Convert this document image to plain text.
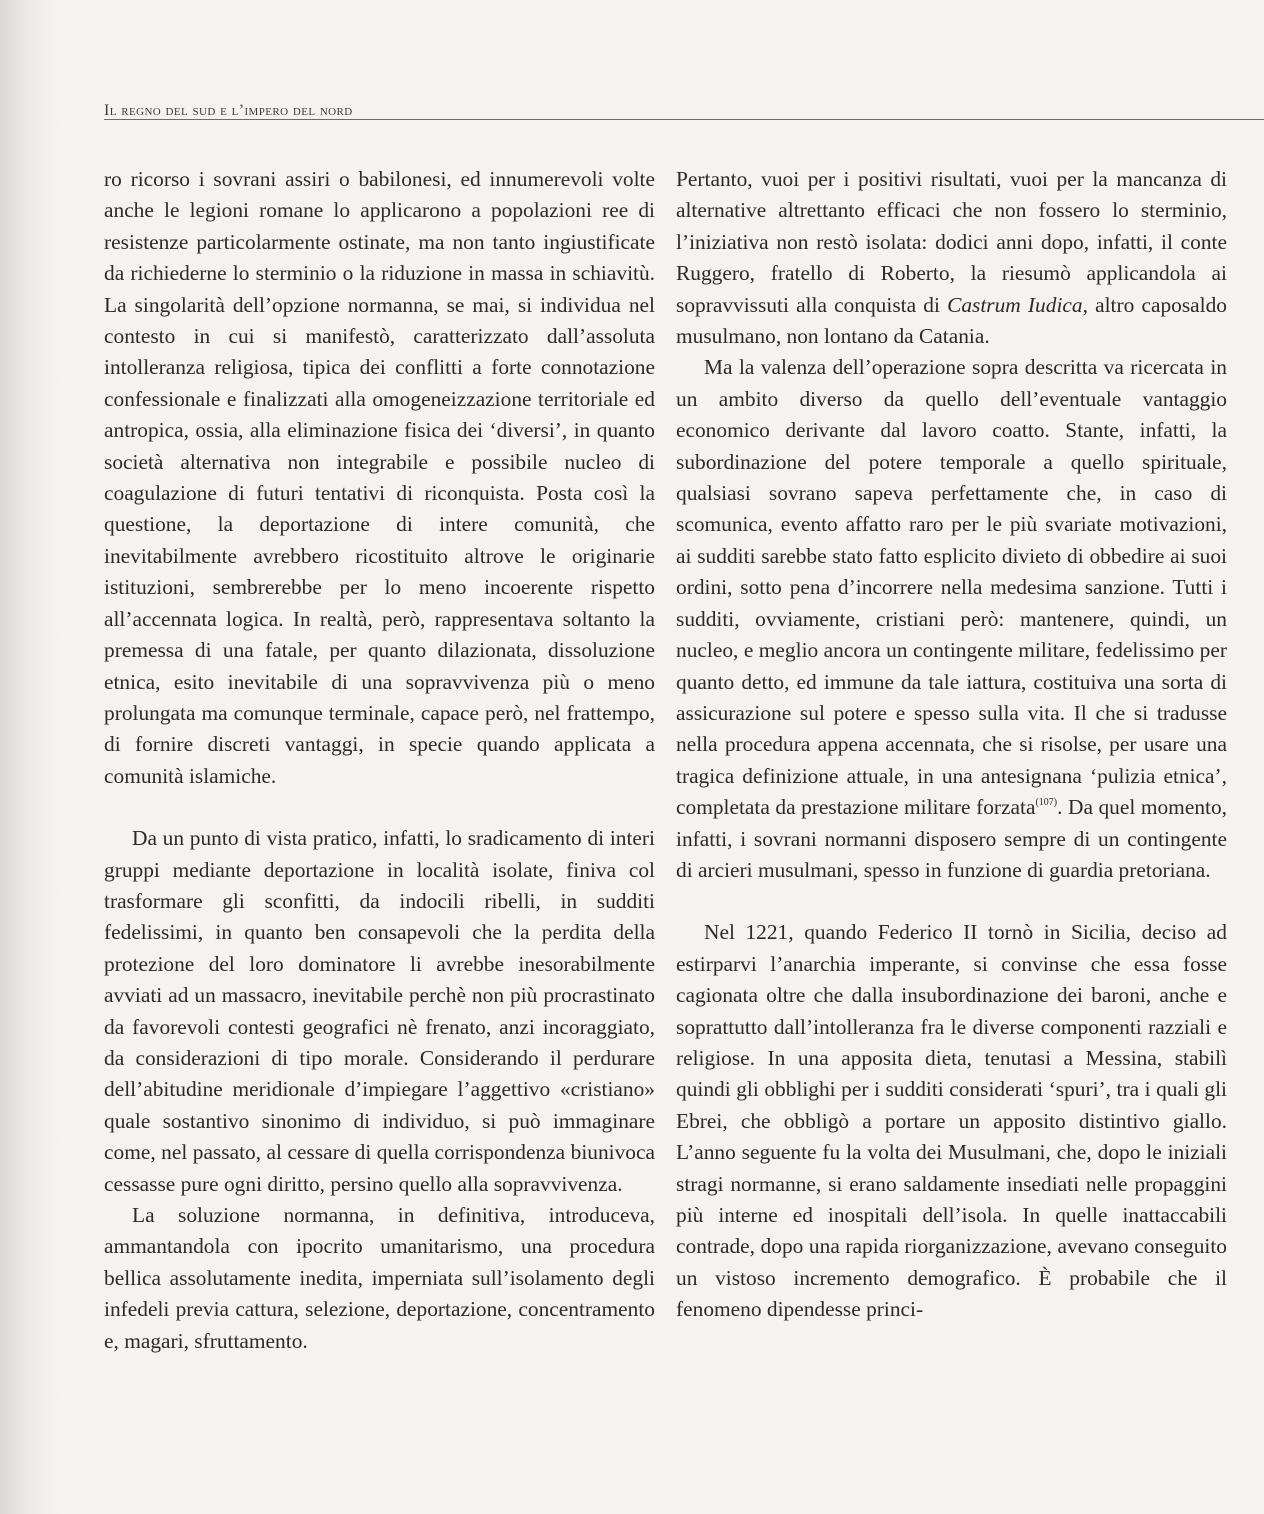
Il regno del sud e l’impero del nord

ro ricorso i sovrani assiri o babilonesi, ed innumerevoli volte anche le legioni romane lo applicarono a popolazioni ree di resistenze particolarmente ostinate, ma non tanto ingiustificate da richiederne lo sterminio o la riduzione in massa in schiavitù. La singolarità dell’opzione normanna, se mai, si individua nel contesto in cui si manifestò, caratterizzato dall’assoluta intolleranza religiosa, tipica dei conflitti a forte connotazione confessionale e finalizzati alla omogeneizzazione territoriale ed antropica, ossia, alla eliminazione fisica dei ‘diversi’, in quanto società alternativa non integrabile e possibile nucleo di coagulazione di futuri tentativi di riconquista. Posta così la questione, la deportazione di intere comunità, che inevitabilmente avrebbero ricostituito altrove le originarie istituzioni, sembrerebbe per lo meno incoerente rispetto all’accennata logica. In realtà, però, rappresentava soltanto la premessa di una fatale, per quanto dilazionata, dissoluzione etnica, esito inevitabile di una sopravvivenza più o meno prolungata ma comunque terminale, capace però, nel frattempo, di fornire discreti vantaggi, in specie quando applicata a comunità islamiche.

Da un punto di vista pratico, infatti, lo sradicamento di interi gruppi mediante deportazione in località isolate, finiva col trasformare gli sconfitti, da indocili ribelli, in sudditi fedelissimi, in quanto ben consapevoli che la perdita della protezione del loro dominatore li avrebbe inesorabilmente avviati ad un massacro, inevitabile perchè non più procrastinato da favorevoli contesti geografici nè frenato, anzi incoraggiato, da considerazioni di tipo morale. Considerando il perdurare dell’abitudine meridionale d’impiegare l’aggettivo «cristiano» quale sostantivo sinonimo di individuo, si può immaginare come, nel passato, al cessare di quella corrispondenza biunivoca cessasse pure ogni diritto, persino quello alla sopravvivenza.

La soluzione normanna, in definitiva, introduceva, ammantandola con ipocrito umanitarismo, una procedura bellica assolutamente inedita, imperniata sull’isolamento degli infedeli previa cattura, selezione, deportazione, concentramento e, magari, sfruttamento.

Pertanto, vuoi per i positivi risultati, vuoi per la mancanza di alternative altrettanto efficaci che non fossero lo sterminio, l’iniziativa non restò isolata: dodici anni dopo, infatti, il conte Ruggero, fratello di Roberto, la riesumò applicandola ai sopravvissuti alla conquista di Castrum Iudica, altro caposaldo musulmano, non lontano da Catania.

Ma la valenza dell’operazione sopra descritta va ricercata in un ambito diverso da quello dell’eventuale vantaggio economico derivante dal lavoro coatto. Stante, infatti, la subordinazione del potere temporale a quello spirituale, qualsiasi sovrano sapeva perfettamente che, in caso di scomunica, evento affatto raro per le più svariate motivazioni, ai sudditi sarebbe stato fatto esplicito divieto di obbedire ai suoi ordini, sotto pena d’incorrere nella medesima sanzione. Tutti i sudditi, ovviamente, cristiani però: mantenere, quindi, un nucleo, e meglio ancora un contingente militare, fedelissimo per quanto detto, ed immune da tale iattura, costituiva una sorta di assicurazione sul potere e spesso sulla vita. Il che si tradusse nella procedura appena accennata, che si risolse, per usare una tragica definizione attuale, in una antesignana ‘pulizia etnica’, completata da prestazione militare forzata$^{(107)}$. Da quel momento, infatti, i sovrani normanni disposero sempre di un contingente di arcieri musulmani, spesso in funzione di guardia pretoriana.

Nel 1221, quando Federico II tornò in Sicilia, deciso ad estirparvi l’anarchia imperante, si convinse che essa fosse cagionata oltre che dalla insubordinazione dei baroni, anche e soprattutto dall’intolleranza fra le diverse componenti razziali e religiose. In una apposita dieta, tenutasi a Messina, stabilì quindi gli obblighi per i sudditi considerati ‘spuri’, tra i quali gli Ebrei, che obbligò a portare un apposito distintivo giallo. L’anno seguente fu la volta dei Musulmani, che, dopo le iniziali stragi normanne, si erano saldamente insediati nelle propaggini più interne ed inospitali dell’isola. In quelle inattaccabili contrade, dopo una rapida riorganizzazione, avevano conseguito un vistoso incremento demografico. È probabile che il fenomeno dipendesse princi-
